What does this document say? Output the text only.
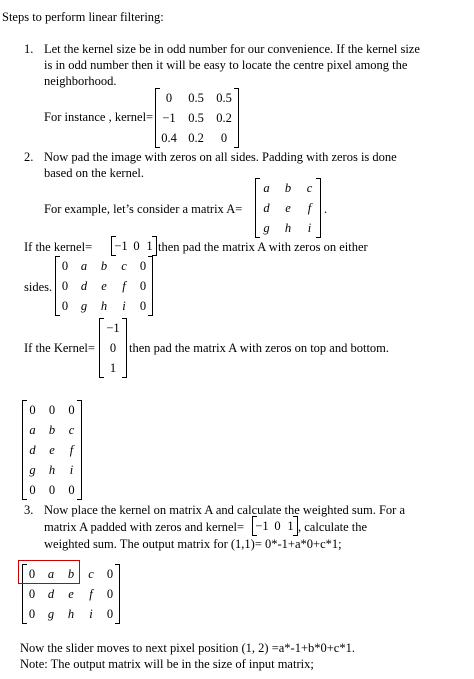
Steps to perform linear filtering:
1. Let the kernel size be in odd number for our convenience. If the kernel size
is in odd number then it will be easy to locate the centre pixel among the
neighborhood.
For instance , kernel=
0	0.5 0.5
−1	0.5 0.2
0.4 0.2	0
2. Now pad the image with zeros on all sides. Padding with zeros is done
based on the kernel.
For example, let’s consider a matrix A=
a	b	c
d	e	f
g	h	i
.
If the kernel= −1 0 1 then pad the matrix A with zeros on either
sides.
0	a	b	c	0
0	d	e	f	0
0	g	h	i	0
If the Kernel=
−1
0
1
then pad the matrix A with zeros on top and bottom.
0	0	0
a	b	c
d	e	f
g	h	i
0	0	0
3. Now place the kernel on matrix A and calculate the weighted sum. For a
matrix A padded with zeros and kernel= −1 0 1 , calculate the
weighted sum. The output matrix for (1,1)= 0*-1+a*0+c*1;
0	a	b	c	0
0	d	e	f	0
0	g	h	i	0
Now the slider moves to next pixel position (1, 2) =a*-1+b*0+c*1.
Note: The output matrix will be in the size of input matrix;
